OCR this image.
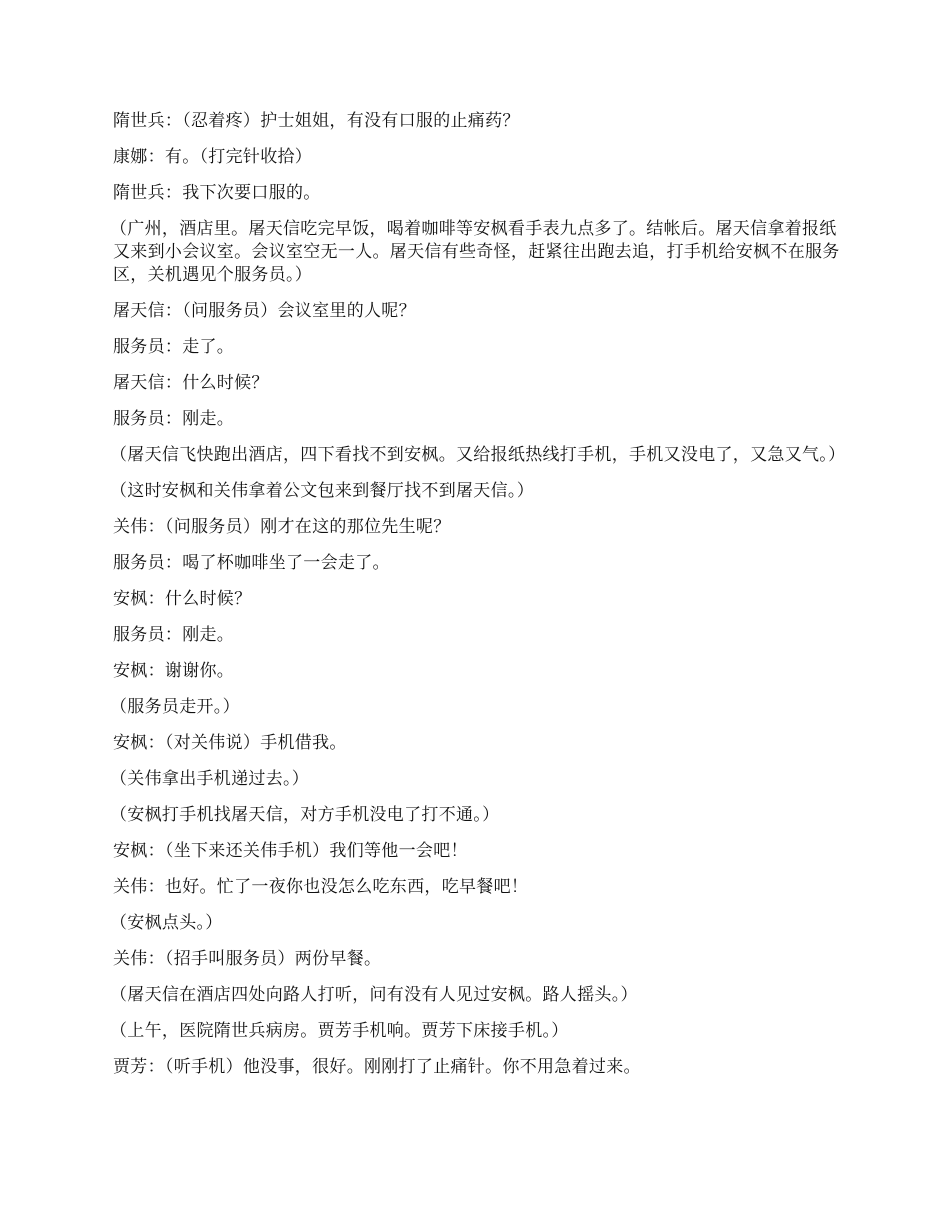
隋世兵：（忍着疼）护士姐姐，有没有口服的止痛药？

康娜：有。（打完针收拾）

隋世兵：我下次要口服的。

（广州，酒店里。屠天信吃完早饭，喝着咖啡等安枫看手表九点多了。结帐后。屠天信拿着报纸又来到小会议室。会议室空无一人。屠天信有些奇怪，赶紧往出跑去追，打手机给安枫不在服务区，关机遇见个服务员。）

屠天信：（问服务员）会议室里的人呢？

服务员：走了。

屠天信：什么时候？

服务员：刚走。

（屠天信飞快跑出酒店，四下看找不到安枫。又给报纸热线打手机，手机又没电了，又急又气。）

（这时安枫和关伟拿着公文包来到餐厅找不到屠天信。）

关伟：（问服务员）刚才在这的那位先生呢？

服务员：喝了杯咖啡坐了一会走了。

安枫：什么时候？

服务员：刚走。

安枫：谢谢你。

（服务员走开。）

安枫：（对关伟说）手机借我。

（关伟拿出手机递过去。）

（安枫打手机找屠天信，对方手机没电了打不通。）

安枫：（坐下来还关伟手机）我们等他一会吧！

关伟：也好。忙了一夜你也没怎么吃东西，吃早餐吧！

（安枫点头。）

关伟：（招手叫服务员）两份早餐。

（屠天信在酒店四处向路人打听，问有没有人见过安枫。路人摇头。）

（上午，医院隋世兵病房。贾芳手机响。贾芳下床接手机。）

贾芳：（听手机）他没事，很好。刚刚打了止痛针。你不用急着过来。
